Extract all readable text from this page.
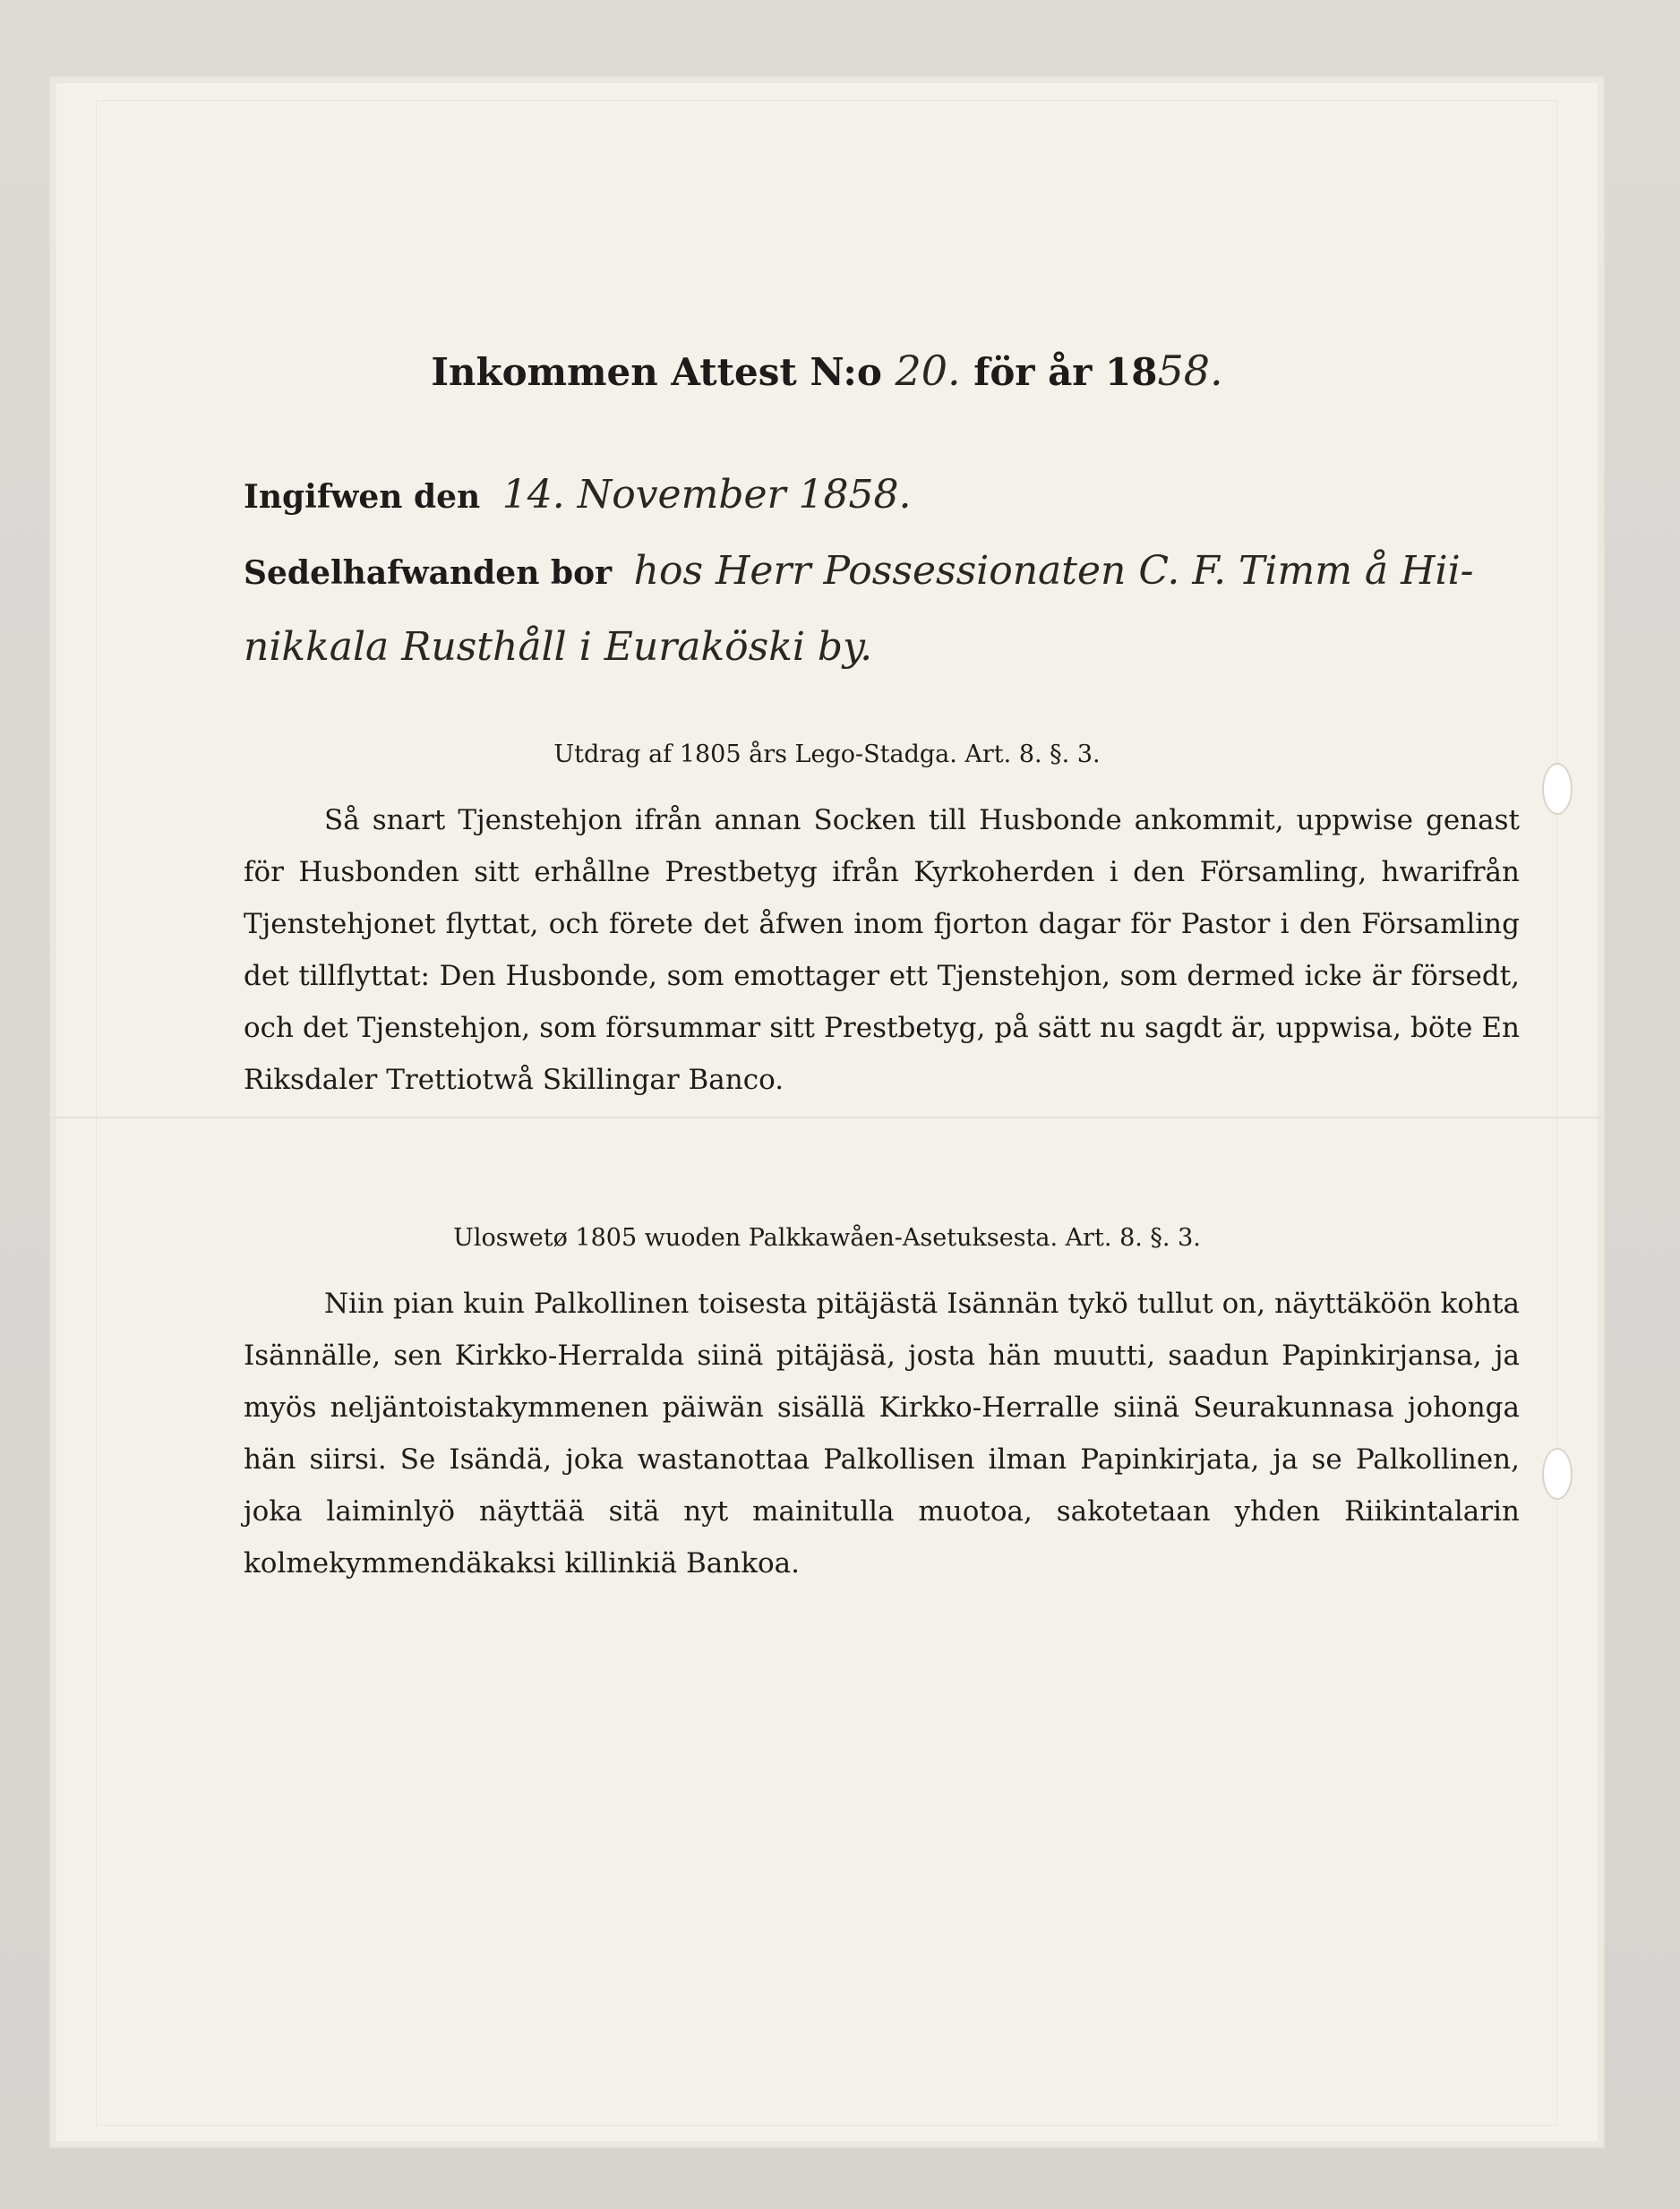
Inkommen Attest N:o 20. för år 1858.
Ingifwen den 14. November 1858.
Sedelhafwanden bor hos Herr Possessionaten C. F. Timm å Hii-
nikkala Rusthåll i Euraköski by.
Utdrag af 1805 års Lego-Stadga. Art. 8. §. 3.

Så snart Tjenstehjon ifrån annan Socken till Husbonde ankommit, uppwise genast för Husbonden sitt erhållne Prestbetyg ifrån Kyrkoherden i den Församling, hwarifrån Tjenstehjonet flyttat, och förete det åfwen inom fjorton dagar för Pastor i den Församling det tillflyttat: Den Husbonde, som emottager ett Tjenstehjon, som dermed icke är försedt, och det Tjenstehjon, som försummar sitt Prestbetyg, på sätt nu sagdt är, uppwisa, böte En Riksdaler Trettiotwå Skillingar Banco.

Uloswetø 1805 wuoden Palkkawåen-Asetuksesta. Art. 8. §. 3.

Niin pian kuin Palkollinen toisesta pitäjästä Isännän tykö tullut on, näyttäköön kohta Isännälle, sen Kirkko-Herralda siinä pitäjäsä, josta hän muutti, saadun Papinkirjansa, ja myös neljäntoistakymmenen päiwän sisällä Kirkko-Herralle siinä Seurakunnasa johonga hän siirsi. Se Isändä, joka wastanottaa Palkollisen ilman Papinkirjata, ja se Palkollinen, joka laiminlyö näyttää sitä nyt mainitulla muotoa, sakotetaan yhden Riikintalarin kolmekymmendäkaksi killinkiä Bankoa.
